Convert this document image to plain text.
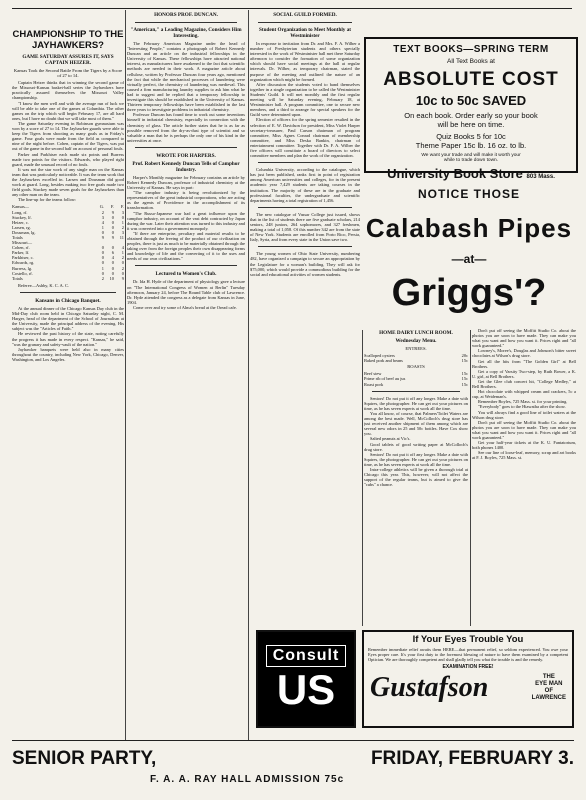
CHAMPIONSHIP TO THE JAYHAWKERS?
GAME SATURDAY ASSURES IT, SAYS CAPTAIN HEIZER.
Kansas Took the Second Battle From the Tigers by a Score of 27 to 14.

Captain Heizer thinks that in winning the second game of the Missouri-Kansas basket-ball series the Jayhawkers have practically assured themselves the Missouri Valley championship.

"I know the men well and with the average run of luck we will be able to take one of the games at Columbia. The other games on the trip which will begin February 17, are all hard ones, but I have no doubt that we will take most of them."

The game Saturday evening in Robinson gymnasium was won by a score of 27 to 14. The Jayhawker guards were able to keep the Tigers from shooting as many goals as in Friday's game. Four goals were made from the field as compared to nine of the night before. Cohen, captain of the Tigers, was put out of the game in the second half on account of personal fouls.

Parker and Parkhiser each made six points and Burress made two points for the visitors. Edwards, who played right guard, made the unusual record of no fouls.

It was not the star work of any single man on the Kansas team that was particularly noticeable. It was the team work that the Jayhawkers excelled in. Larsen and Dousman did good work at guard. Long, besides making two free goals made two field goals. Stuckey made seven goals for the Jayhawkers than any other man on the team.

The line-up for the teams follow:

Kansas—	G.	F.	F.
Long, rf.	2	9	3
Stuckey, lf.	3	0	0
Heizer, c.	4	0	1
Larsen, rg.	1	0	2
Dousman, lg.	0	0	3
Totals	9	9	11
Missouri—			
Cohen, rf.	0	0	4
Parker, lf.	0	6	1
Parkhiser, c.	0	4	2
Edwards, rg.	0	0	0
Burress, lg.	1	0	2
Costello, rf.	0	0	0
Totals	2	10	9

Referee—Ashby, K. C. A. C.

Kansans in Chicago Banquet.

At the annual dinner of the Chicago Kansas Day club in the Mid-Day club room held in Chicago Saturday night, C. M. Harger, head of the department of the School of Journalism at the University, made the principal address of the evening. His subject was the "Articles of Faith."

He reviewed the past history of the state, noting carefully the progress it has made in every respect. "Kansas," he said, "was the granary and safety-vault of the nation."

Jayhawker banquets were held also in many cities throughout the country, including New York, Chicago, Denver, Washington, and Los Angeles.

HONORS PROF. DUNCAN.
"American," a Leading Magazine, Considers Him Interesting.

The February American Magazine under the head of "Interesting People," contains a photograph of Robert Kennedy Duncan and an article on the industrial fellowships in the University of Kansas. These fellowships have attracted national interest, as manufacturers have awakened to the fact that scientific methods are needed in their work. A magazine article about cellulose, written by Professor Duncan four years ago, mentioned the fact that while the mechanical processes of laundering were virtually perfect, the chemistry of laundering was medieval. This caused a firm manufacturing laundry supplies to ask him what he had to suggest and he replied that a temporary fellowship to investigate this should be established in the University of Kansas. Thirteen temporary fellowships have been established in the last three years to investigate problems in industrial chemistry.

Professor Duncan has found time to work out some inventions himself in industrial chemistry, especially in connection with the chemistry of glass. The article further states that he is as far as possible removed from the dry-as-dust type of scientist and so valuable a man that he is perhaps the only one of his kind in the universities at once.

WROTE FOR HARPERS.
Prof. Robert Kennedy Duncan Tells of Camphor Industry.

Harper's Monthly magazine for February contains an article by Robert Kennedy Duncan, professor of industrial chemistry at the University of Kansas. He says in part:

"The camphor industry is being revolutionized by the representatives of the great industrial corporations, who are acting as the agents of Providence in the accomplishment of its transformation.

"The Russo-Japanese war had a great influence upon the camphor industry, on account of the vast debt contracted by Japan during the war. Later their attention was turned to this industry and it was converted into a government monopoly.

"If there are enterprise, peculiary and material results to be obtained through the freeing of the product of our civilization on peoples, there is just as much to be materially obtained through the taking over from the foreign peoples their own disappearing forms and knowledge of life and the converting of it to the uses and needs of our own civilizations."

Lectured to Women's Club.

Dr. Ida H. Hyde of the department of physiology gave a lecture on "The International Congress of Women at Berlin" Tuesday afternoon, January 24, before The Round Table club of Lawrence. Dr. Hyde attended the congress as a delegate from Kansas in June, 1904.

Come over and try some of Alma's bread at the Oread cafe.

SOCIAL GUILD FORMED.
Student Organization to Meet Monthly at Westminister

In response to invitation from Dr. and Mrs. F. A. Wilber a number of Presbyterian students and others specially interested in the work of Westminister hall met there Saturday afternoon to consider the formation of some organization which should have social meetings at the hall at regular intervals. Dr. Wilber, as temporary chairman, stated the purpose of the meeting and outlined the nature of an organization which might be formed.

After discussion the students voted to band themselves together in a single organization to be called the Westminister Students' Guild. It will met monthly and the first regular meeting will be Saturday evening, February 18, at Westminister hall. A program committee, one to secure new members, and a third to arrange for special speakers for the Guild were determined upon.

Election of officers for the spring semester resulted in the selection of E. W. Davidson for president, Miss Violet Harper secretary-treasurer, Paul Carson chairman of program committee, Miss Agnes Conrad chairman of membership committee, and Miss Deska Bankin, chairman of entertainment committee. Together with Dr. F. A. Wilber the five officers will constitute a board of directors to select committee members and plan the work of the organization.

Columbia University, according to the catalogue, which has just been published, ranks first in point of registration among American universities and colleges, for in the present academic year 7,429 students are taking courses in the institution. The majority of these are in the graduate and professional faculties, the undergraduate and scientific departments having a total registration of 1,456.

The new catalogue of Vassar College just issued, shows that in the list of students there are five graduate scholars, 214 seniors, 248 juniors, 264 sophomores, and 327 freshmen, making a total of 1,058. Of this number 342 are from the state of New York. Students are enrolled from Porto Rico, Persia, Italy, Syria, and from every state in the Union save two.

The young women of Ohio State University, numbering 482, have organized a campaign to secure an appropriation by the Legislature for a woman's building. They will ask for $75,000, which would provide a commodious building for the social and educational activities of women students.

TEXT BOOKS—SPRING TERM
All Text Books at
ABSOLUTE COST
10c to 50c SAVED
On each book. Order early so your book
will be here on time.
Quiz Books 5 for 10c
Theme Paper 15c lb. 16 oz. to lb.
We want your trade and will make it worth your
while to trade down town.
University Book Store 803 Mass.
NOTICE THOSE
Calabash Pipes
—at—
Griggs'?
HOME DAIRY LUNCH ROOM.
Wednesday Menu.
ENTREES.
Scalloped oysters	20c
Baked pork and beans	15c
ROASTS
Beef stew	15c
Prime rib of beef au jus	15c
Roast pork	15c

Seniors! Do not put it off any longer. Make a date with Squires, the photographer. He can get out your pictures on time, as he has seven experts at work all the time.

You all know, of course, that Palmers'Toilet Waters are among the best made. Well, McColloch's drug store has just received another shipment of them among which are several new odors in 25 and 50c bottles. Have Cox show you.

Salted peanuts at Vic's.

Good tablets of good writing paper at McColloch's drug store.

Seniors! Do not put it off any longer. Make a date with Squires, the photographer. He can get out your pictures on time, as he has seven experts at work all the time.

Intra-college athletics will be given a thorough trial at Chicago this year. This, however, will not affect the support of the regular teams, but is aimed to give the "cubs" a chance.

Don't put off seeing the Moffitt Studio Co. about the photos you are soon to have made. They can make you what you want and how you want it. Prices right and "all work guaranteed."

Lowney's, Moree's, Douglas and Johnson's bitter sweet chocolates at Wilson's drug store.

Get all the hits from "The Golden Girl" at Bell Brothers.

Get a copy of Varsity Two-step, by Ruth Bower, a K. U. girl, at Bell Brothers.

Get the Glee club concert hit, "College Medley," at Bell Brothers.

Hot chocolate with whipped cream and crackers, 5c a cup, at Weideman's.

Remember Boyles, 725 Mass. st. for your printing.

"Everybody" goes to the Hiawatha after the show.

You will always find a good line of toilet waters at the Wilson drug store.

Don't put off seeing the Moffitt Studio Co. about the photos you are soon to have made. They can make you what you want and how you want it. Prices right and "all work guaranteed."

Get your half-year tickets at the K. U. Fantatorium, both phones 1400.

See our line of loose-leaf, memory, scrap and art books at F. J. Boyles, 725 Mass. st.

Consult
US
If Your Eyes Trouble You
Remember immediate relief awaits them HERE—that permanent relief, so seldom experienced. You owe your Eyes proper care. It's your first duty to the foremost blessing of nature to have them examined by a competent Optician. We are thoroughly competent and shall gladly tell you what the trouble is and the remedy.
EXAMINATION FREE!
Gustafson	THE
EYE MAN
OF
LAWRENCE
SENIOR PARTY,	FRIDAY, FEBRUARY 3.
F. A. A. RAY HALL ADMISSION 75c
